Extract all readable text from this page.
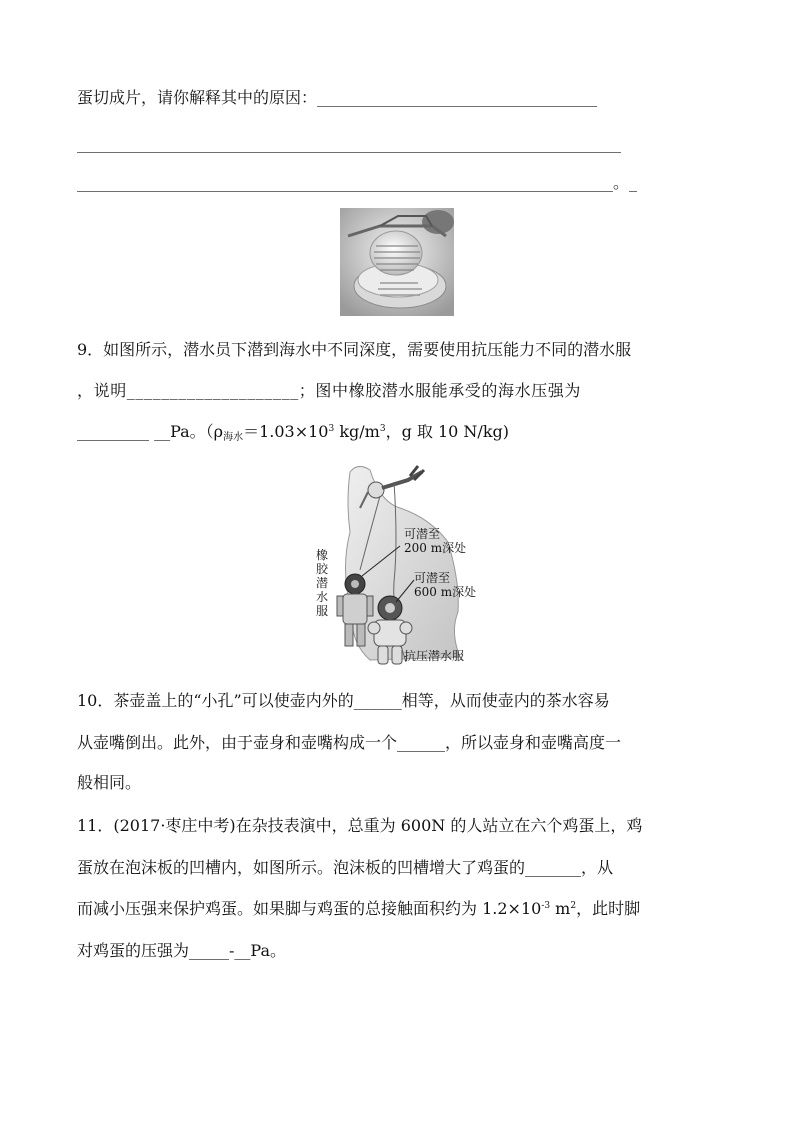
蛋切成片，请你解释其中的原因：___________________________________
____________________________________________________________________
___________________________________________________________________。_
9．如图所示，潜水员下潜到海水中不同深度，需要使用抗压能力不同的潜水服
，说明____________________；图中橡胶潜水服能承受的海水压强为
_________ __Pa。（ρ海水$=1.03\times 10^3$ $kg/m^3$，g 取 10 N/kg)
橡胶潜水服
可潜至
200 m深处
可潜至
600 m深处
抗压潜水服
10．茶壶盖上的“小孔”可以使壶内外的______相等，从而使壶内的茶水容易
从壶嘴倒出。此外，由于壶身和壶嘴构成一个______，所以壶身和壶嘴高度一
般相同。
11．(2017·枣庄中考)在杂技表演中，总重为 600N 的人站立在六个鸡蛋上，鸡
蛋放在泡沫板的凹槽内，如图所示。泡沫板的凹槽增大了鸡蛋的_______，从
而减小压强来保护鸡蛋。如果脚与鸡蛋的总接触面积约为 $1.2\times 10^{-3}$ $m^2$，此时脚
对鸡蛋的压强为_____-__Pa。
